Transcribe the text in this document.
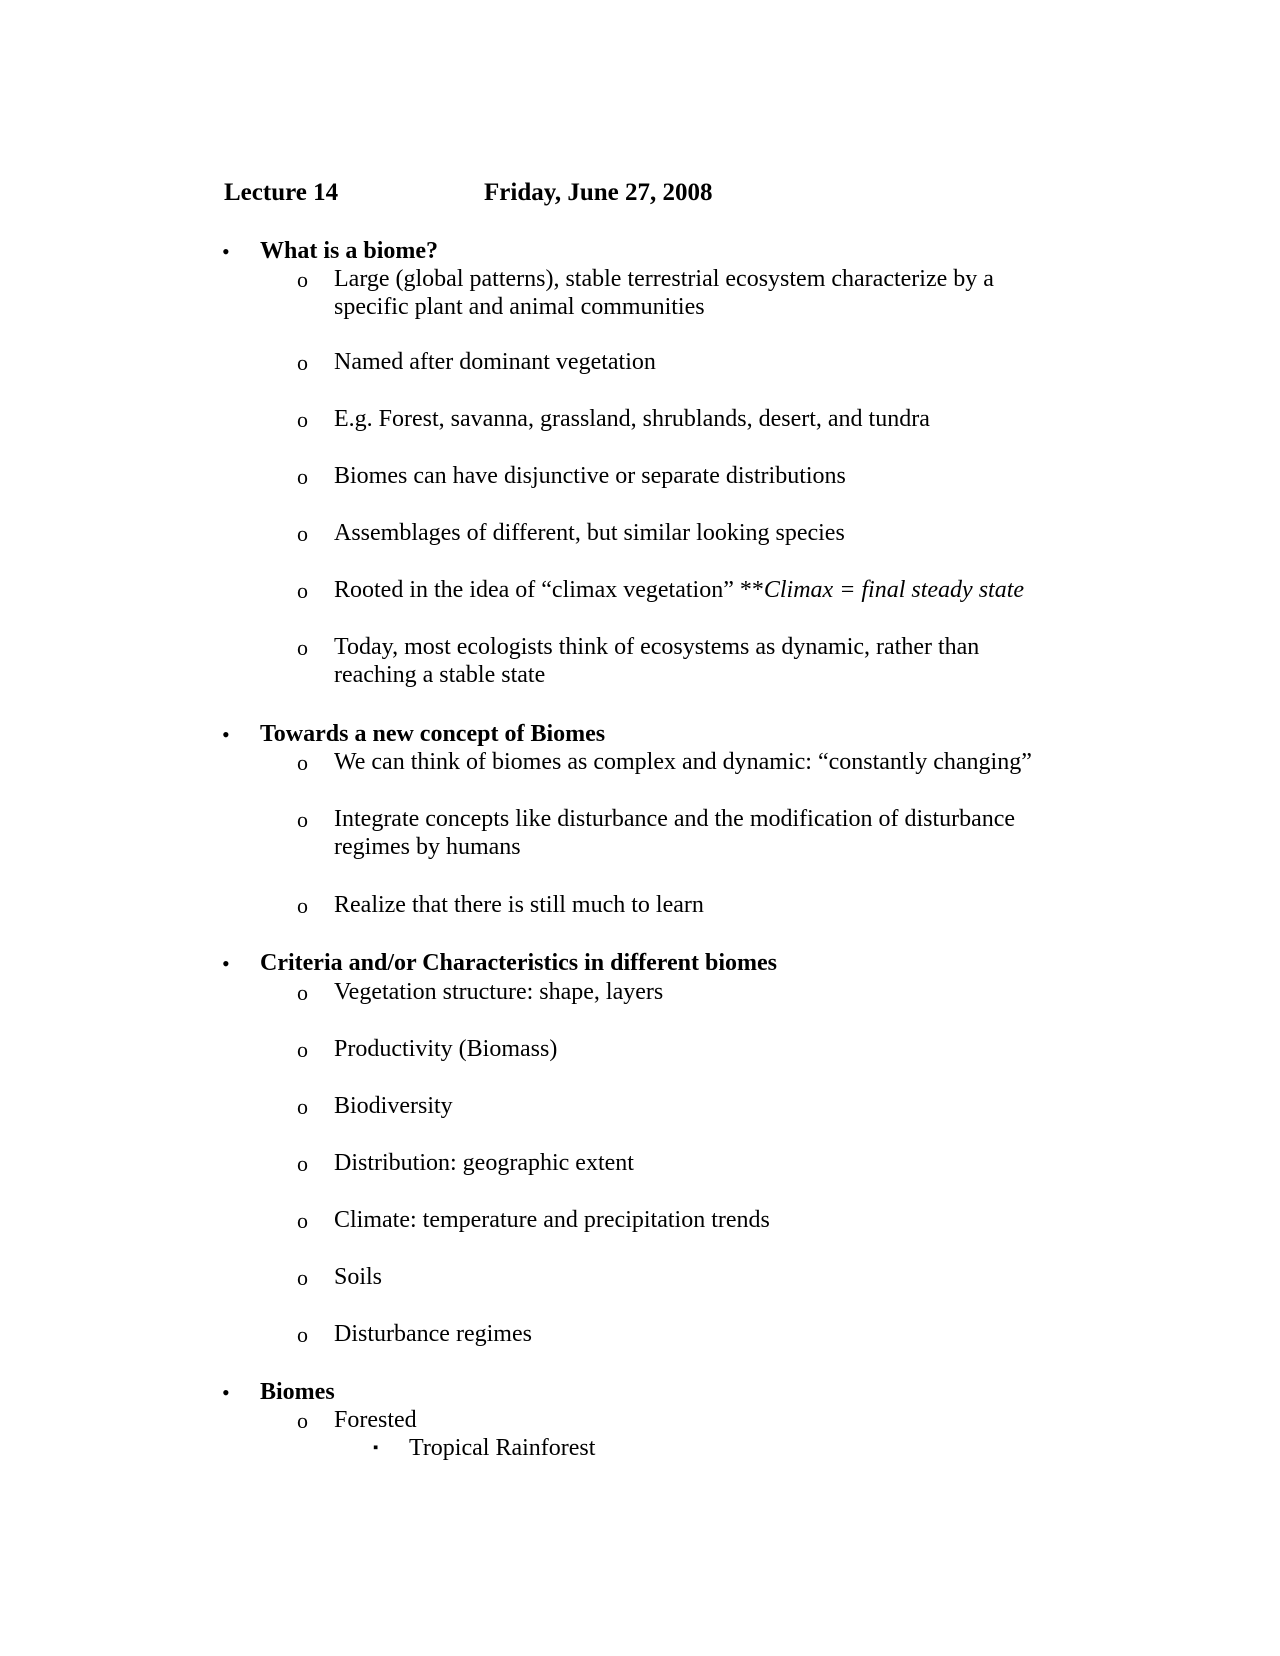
Lecture 14	Friday, June 27, 2008
• What is a biome?
o Large (global patterns), stable terrestrial ecosystem characterize by a
specific plant and animal communities
o Named after dominant vegetation
o E.g. Forest, savanna, grassland, shrublands, desert, and tundra
o Biomes can have disjunctive or separate distributions
o Assemblages of different, but similar looking species
o Rooted in the idea of “climax vegetation” **Climax = final steady state
o Today, most ecologists think of ecosystems as dynamic, rather than
reaching a stable state
• Towards a new concept of Biomes
o We can think of biomes as complex and dynamic: “constantly changing”
o Integrate concepts like disturbance and the modification of disturbance
regimes by humans
o Realize that there is still much to learn
• Criteria and/or Characteristics in different biomes
o Vegetation structure: shape, layers
o Productivity (Biomass)
o Biodiversity
o Distribution: geographic extent
o Climate: temperature and precipitation trends
o Soils
o Disturbance regimes
• Biomes
o Forested
▪ Tropical Rainforest
